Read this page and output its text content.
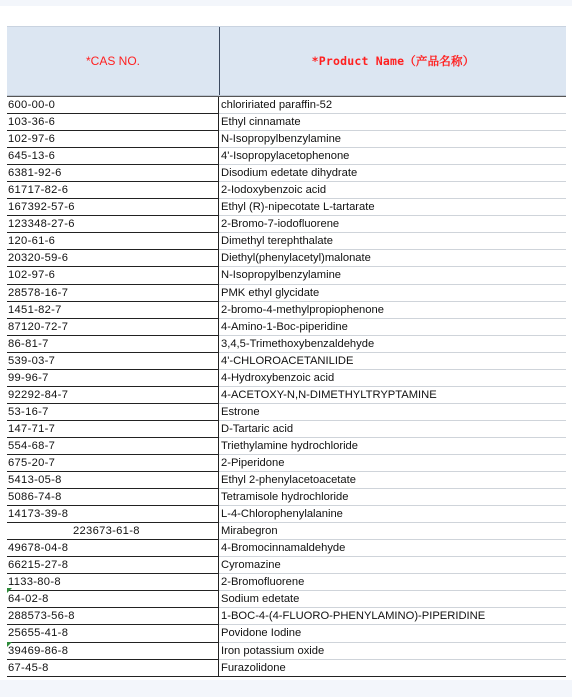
*CAS NO.	*Product Name（产品名称）
600-00-0	chloririated paraffin-52
103-36-6	Ethyl cinnamate
102-97-6	N-Isopropylbenzylamine
645-13-6	4'-Isopropylacetophenone
6381-92-6	Disodium edetate dihydrate
61717-82-6	2-Iodoxybenzoic acid
167392-57-6	Ethyl (R)-nipecotate L-tartarate
123348-27-6	2-Bromo-7-iodofluorene
120-61-6	Dimethyl terephthalate
20320-59-6	Diethyl(phenylacetyl)malonate
102-97-6	N-Isopropylbenzylamine
28578-16-7	PMK ethyl glycidate
1451-82-7	2-bromo-4-methylpropiophenone
87120-72-7	4-Amino-1-Boc-piperidine
86-81-7	3,4,5-Trimethoxybenzaldehyde
539-03-7	4'-CHLOROACETANILIDE
99-96-7	4-Hydroxybenzoic acid
92292-84-7	4-ACETOXY-N,N-DIMETHYLTRYPTAMINE
53-16-7	Estrone
147-71-7	D-Tartaric acid
554-68-7	Triethylamine hydrochloride
675-20-7	2-Piperidone
5413-05-8	Ethyl 2-phenylacetoacetate
5086-74-8	Tetramisole hydrochloride
14173-39-8	L-4-Chlorophenylalanine
223673-61-8	Mirabegron
49678-04-8	4-Bromocinnamaldehyde
66215-27-8	Cyromazine
1133-80-8	2-Bromofluorene
64-02-8	Sodium edetate
288573-56-8	1-BOC-4-(4-FLUORO-PHENYLAMINO)-PIPERIDINE
25655-41-8	Povidone Iodine
39469-86-8	Iron potassium oxide
67-45-8	Furazolidone
